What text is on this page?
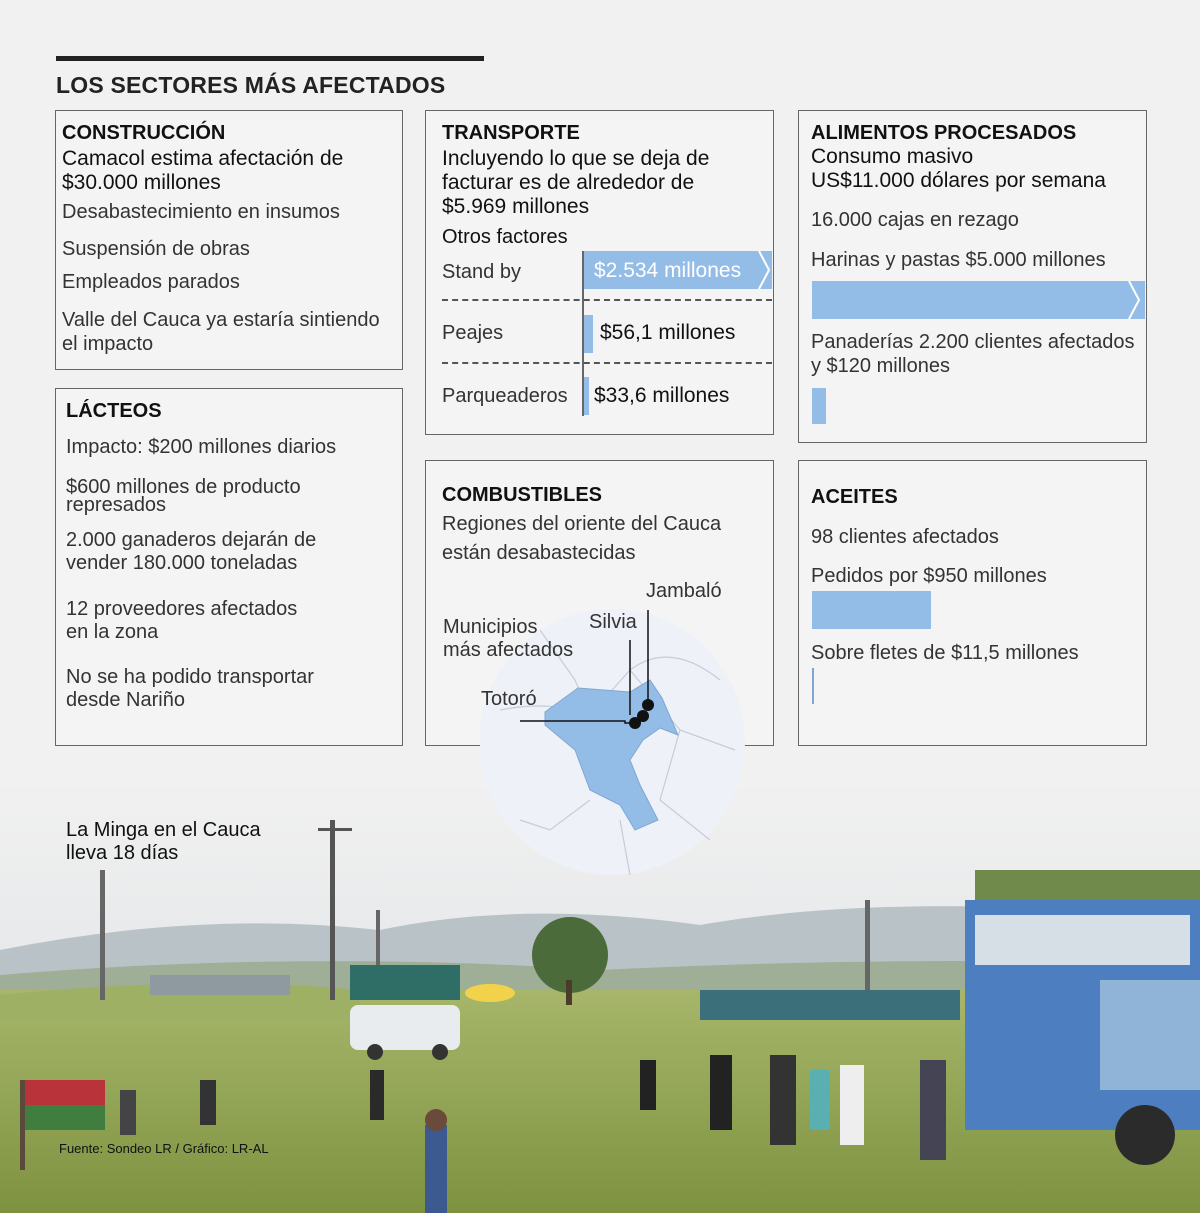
LOS SECTORES MÁS AFECTADOS
CONSTRUCCIÓN
Camacol estima afectación de
$30.000 millones
Desabastecimiento en insumos
Suspensión de obras
Empleados parados
Valle del Cauca ya estaría sintiendo
el impacto
LÁCTEOS
Impacto: $200 millones diarios
$600 millones de producto
represados
2.000 ganaderos dejarán de
vender 180.000 toneladas
12 proveedores afectados
en la zona
No se ha podido transportar
desde Nariño
TRANSPORTE
Incluyendo lo que se deja de
facturar es de alrededor de
$5.969 millones
Otros factores
Stand by	$2.534 millones
Peajes	$56,1 millones
Parqueaderos $33,6 millones
ALIMENTOS PROCESADOS
Consumo masivo
US$11.000 dólares por semana
16.000 cajas en rezago
Harinas y pastas $5.000 millones
Panaderías 2.200 clientes afectados
y $120 millones
COMBUSTIBLES
Regiones del oriente del Cauca
están desabastecidas
Municipios
más afectados
Jambaló
Silvia
Totoró
ACEITES
98 clientes afectados
Pedidos por $950 millones
Sobre fletes de $11,5 millones
La Minga en el Cauca
lleva 18 días
Fuente: Sondeo LR / Gráfico: LR-AL
